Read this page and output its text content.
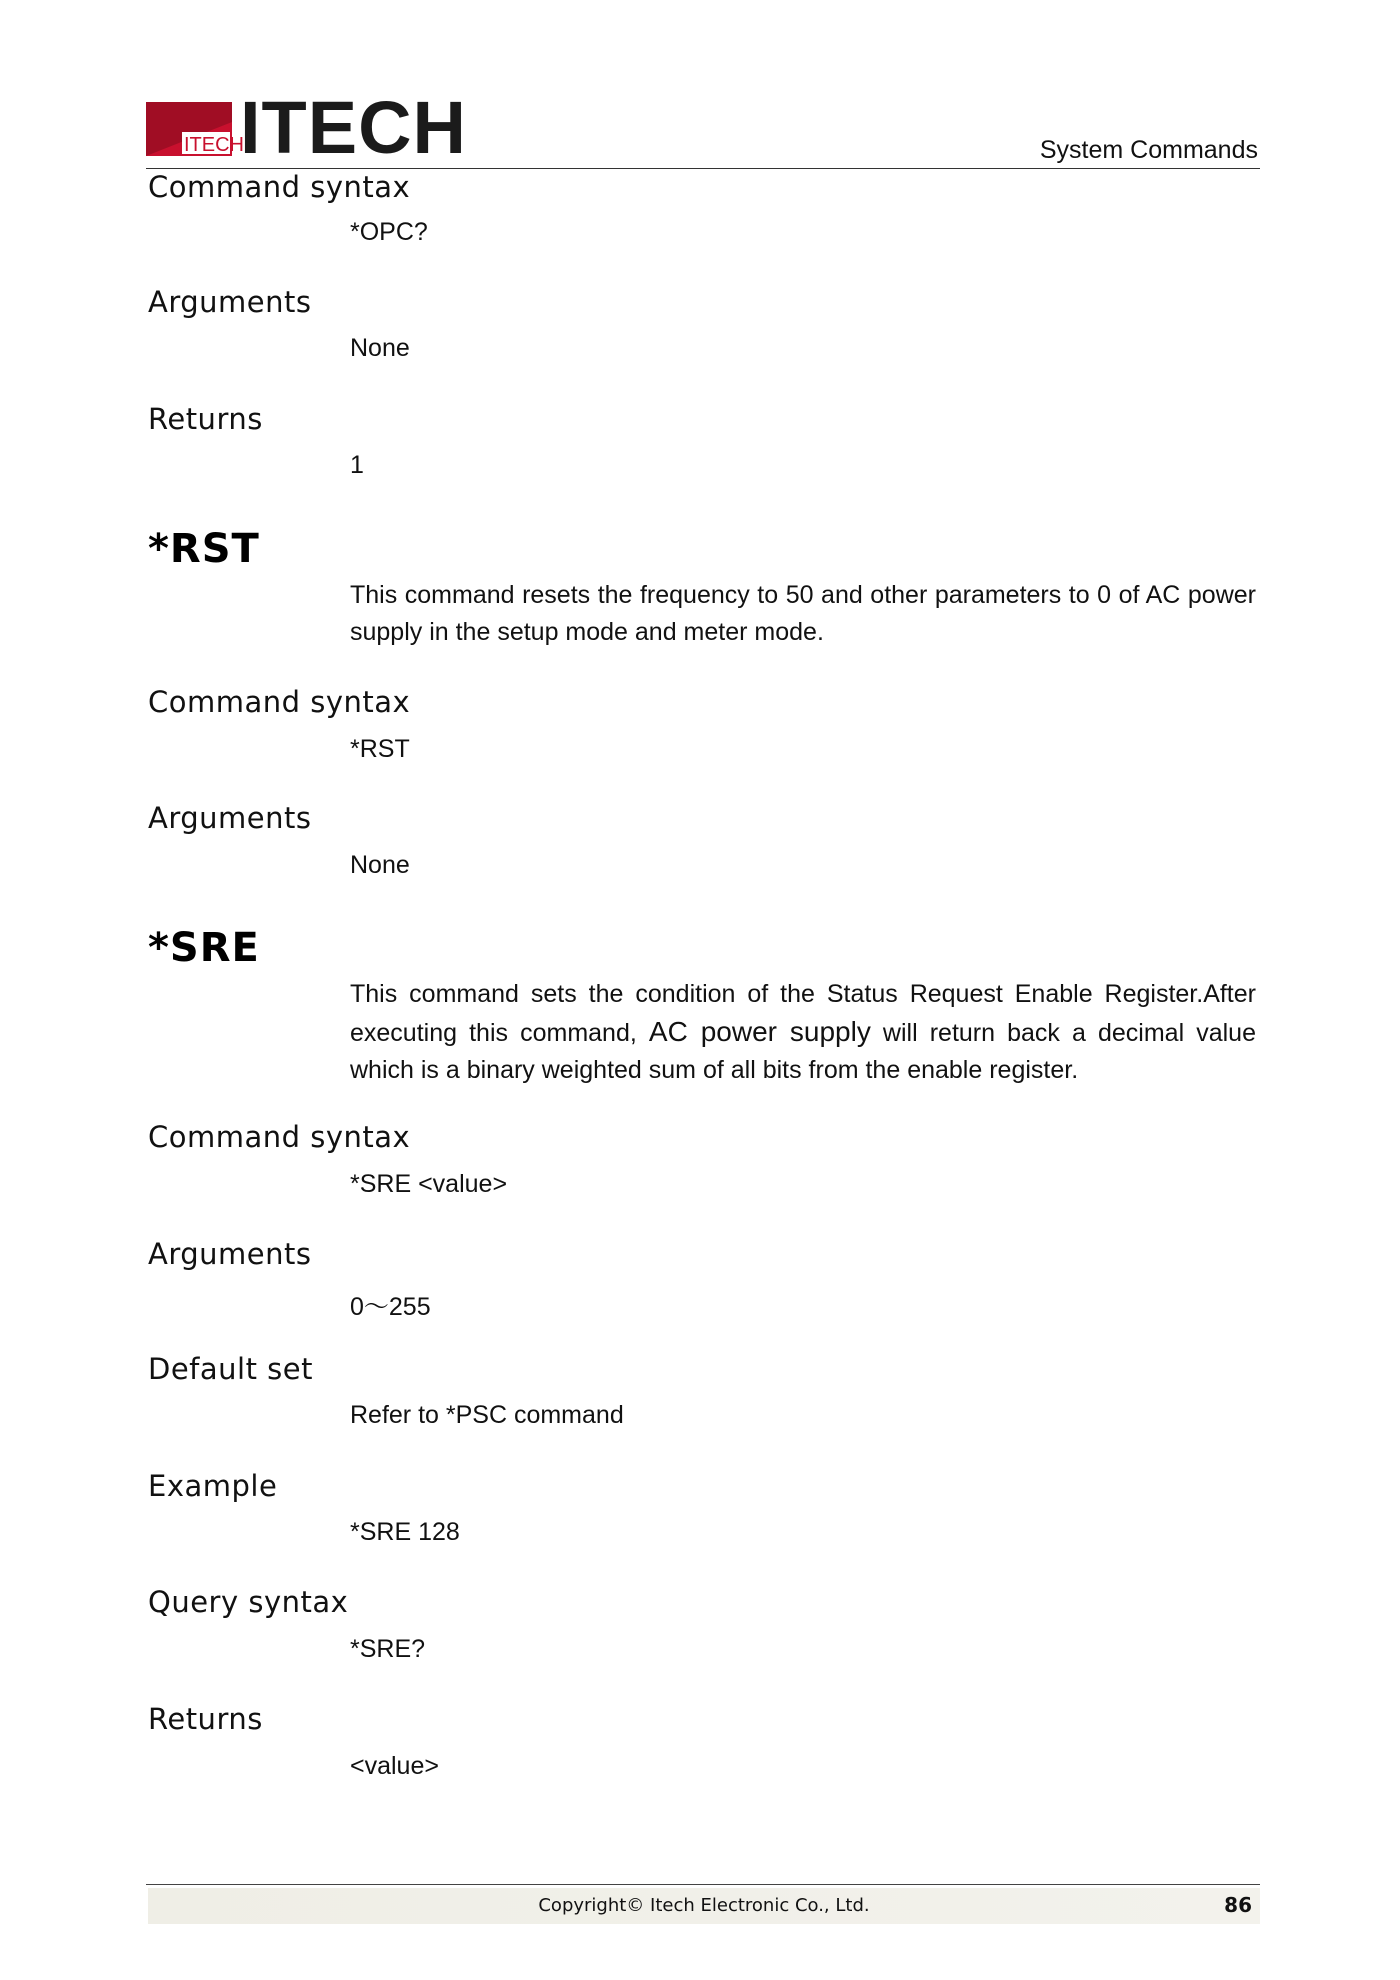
ITECH
ITECH	System Commands
Command syntax
*OPC?
Arguments
None
Returns
1
*RST

This command resets the frequency to 50 and other parameters to 0 of AC power supply in the setup mode and meter mode.

Command syntax
*RST
Arguments
None
*SRE

This command sets the condition of the Status Request Enable Register.After executing this command, AC power supply will return back a decimal value which is a binary weighted sum of all bits from the enable register.

Command syntax
*SRE <value>
Arguments
0～255
Default set
Refer to *PSC command
Example
*SRE 128
Query syntax
*SRE?
Returns
<value>
Copyright© Itech Electronic Co., Ltd.	86
